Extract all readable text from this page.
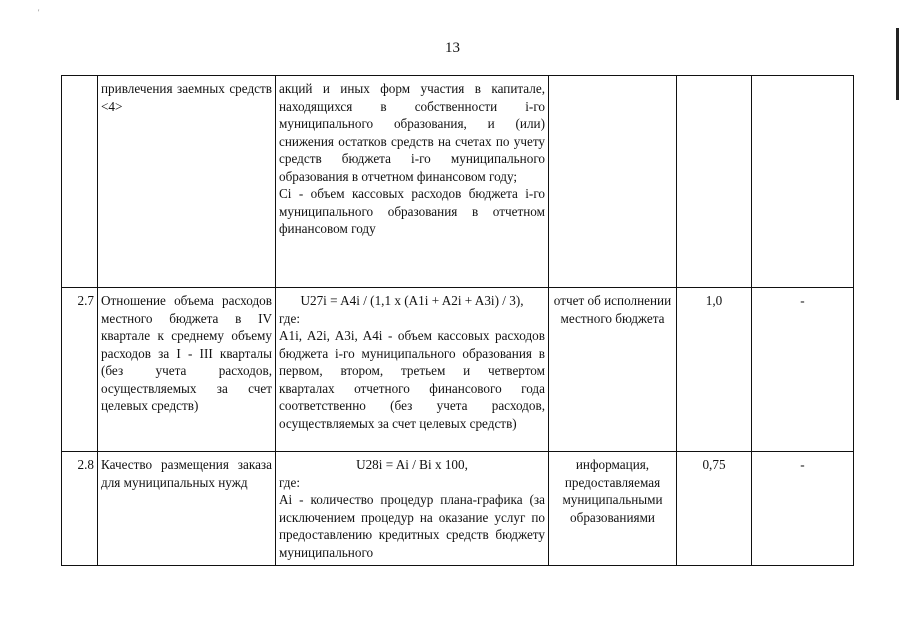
'
13
	привлечения заемных средств <4>	акций и иных форм участия в капитале, находящихся в собственности i-го муниципального образования, и (или) снижения остатков средств на счетах по учету средств бюджета i-го муниципального образования в отчетном финансовом году;
Ci - объем кассовых расходов бюджета i-го муниципального образования в отчетном финансовом году			

2.7	Отношение объема расходов местного бюджета в IV квартале к среднему объему расходов за I - III кварталы (без учета расходов, осуществляемых за счет целевых средств)	U27i = A4i / (1,1 x (A1i + A2i + A3i) / 3),
где:
A1i, A2i, A3i, A4i - объем кассовых расходов бюджета i-го муниципального образования в первом, втором, третьем и четвертом кварталах отчетного финансового года соответственно (без учета расходов, осуществляемых за счет целевых средств)	отчет об исполнении местного бюджета	1,0	-
2.8	Качество размещения заказа для муниципальных нужд	U28i = Ai / Bi x 100,
где:
Ai - количество процедур плана-графика (за исключением процедур на оказание услуг по предоставлению кредитных средств бюджету муниципального	информация, предоставляемая муниципальными образованиями	0,75	-
